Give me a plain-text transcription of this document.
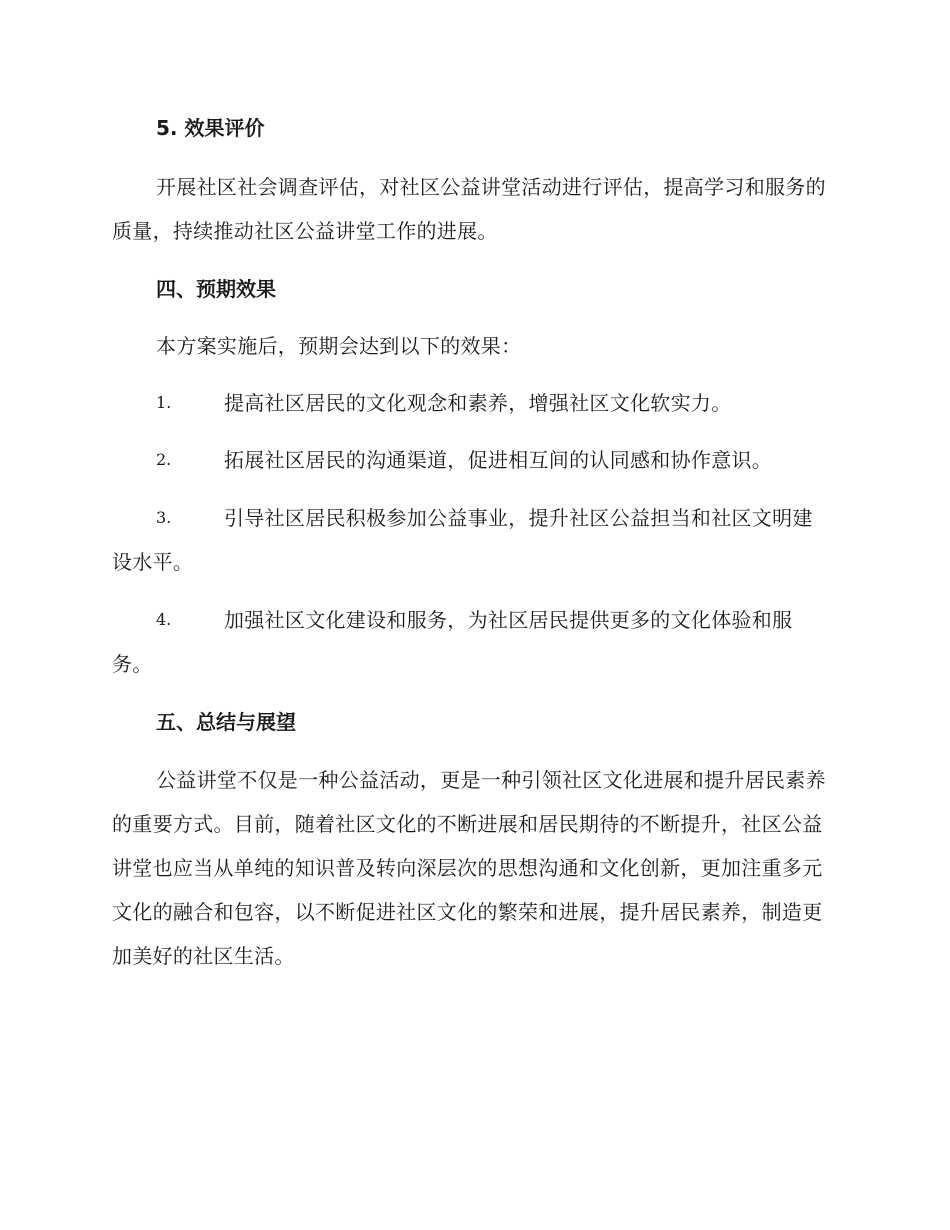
5. 效果评价
开展社区社会调查评估，对社区公益讲堂活动进行评估，提高学习和服务的质量，持续推动社区公益讲堂工作的进展。
四、预期效果
本方案实施后，预期会达到以下的效果：
1.	提高社区居民的文化观念和素养，增强社区文化软实力。
2.	拓展社区居民的沟通渠道，促进相互间的认同感和协作意识。
3.	引导社区居民积极参加公益事业，提升社区公益担当和社区文明建设水平。
4.	加强社区文化建设和服务，为社区居民提供更多的文化体验和服务。
五、总结与展望
公益讲堂不仅是一种公益活动，更是一种引领社区文化进展和提升居民素养的重要方式。目前，随着社区文化的不断进展和居民期待的不断提升，社区公益讲堂也应当从单纯的知识普及转向深层次的思想沟通和文化创新，更加注重多元文化的融合和包容，以不断促进社区文化的繁荣和进展，提升居民素养，制造更加美好的社区生活。
